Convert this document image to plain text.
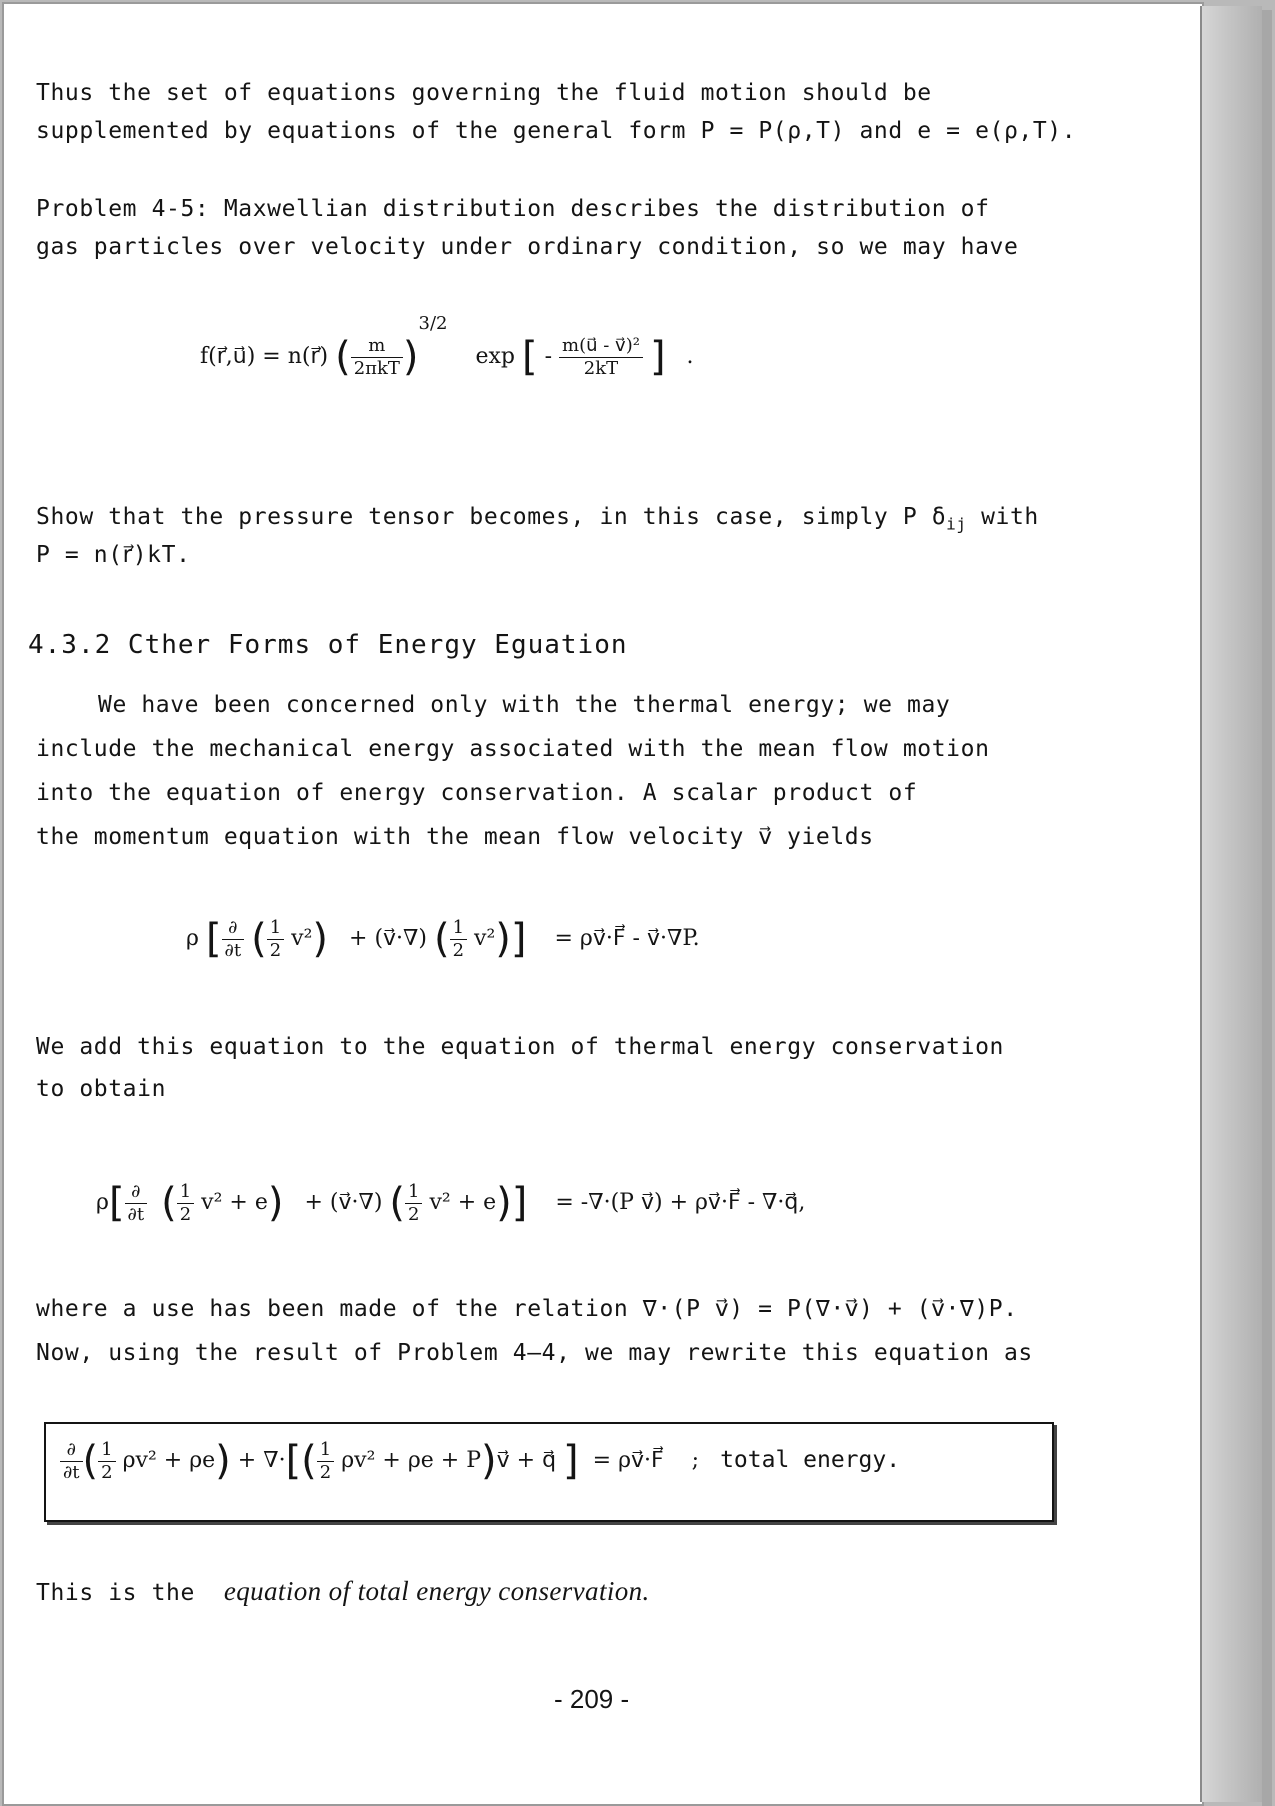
Thus the set of equations governing the fluid motion should be
supplemented by equations of the general form P = P(ρ,T) and e = e(ρ,T).
Problem 4-5: Maxwellian distribution describes the distribution of
gas particles over velocity under ordinary condition, so we may have
f(r⃗,u⃗) = n(r⃗) ( $\frac{m}{\text{2πkT}} )^{3/2}$    exp [ - $\frac{\text{m(u⃗ - v⃗)²}}{2kT}$ ] .
Show that the pressure tensor becomes, in this case, simply P $\delta_{ij}$ with
P = n(r⃗)kT.
4.3.2 Cther Forms of Energy Eguation
We have been concerned only with the thermal energy; we may
include the mechanical energy associated with the mean flow motion
into the equation of energy conservation. A scalar product of
the momentum equation with the mean flow velocity v⃗ yields
ρ [ $\frac{\partial}{\partial t}$ ( $\frac{1}{2} v^2$) + (v⃗·∇) ( $\frac{1}{2} v^2$)] = ρv⃗·F⃗ - v⃗·∇P.
We add this equation to the equation of thermal energy conservation
to obtain
$\rho[ \frac{\partial}{\partial t}$ ( $\frac{1}{2} v^2 + e$) + (v⃗·∇) ( $\frac{1}{2} v^2 + e)] = -\nabla\cdot(P$ v⃗) + ρv⃗·F⃗ - ∇·q⃗,
where a use has been made of the relation ∇·(P v⃗) = P(∇·v⃗) + (v⃗·∇)P.
Now, using the result of Problem 4–4, we may rewrite this equation as
$\frac{\partial}{\partial t}$ ( $\frac{1}{2} \rho v^2 + \rho e$) + ∇·[( $\frac{1}{2} \rho v^2 + \rho e$ + P)v⃗ + q⃗ ] = ρv⃗·F⃗ ; total energy.
This is the equation of total energy conservation.
- 209 -
